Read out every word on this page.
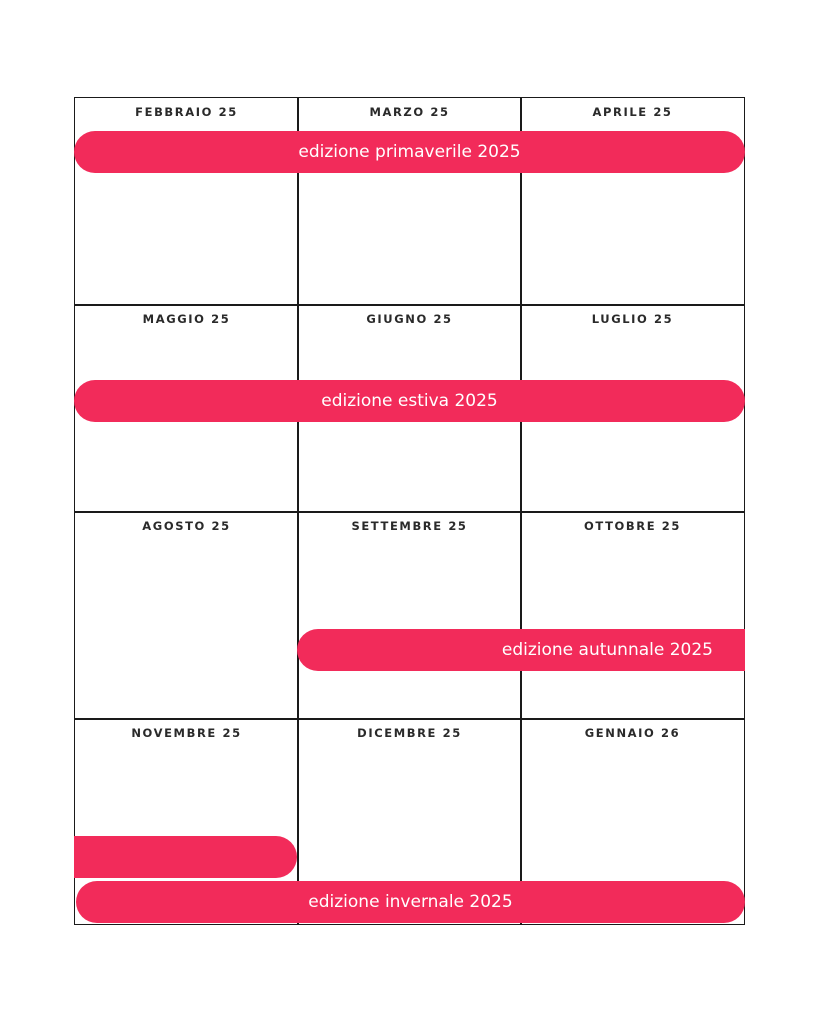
FEBBRAIO 25	MARZO 25	APRILE 25
MAGGIO 25	GIUGNO 25	LUGLIO 25
AGOSTO 25	SETTEMBRE 25	OTTOBRE 25
NOVEMBRE 25	DICEMBRE 25	GENNAIO 26
edizione primaverile 2025
edizione estiva 2025
edizione autunnale 2025
edizione invernale 2025
